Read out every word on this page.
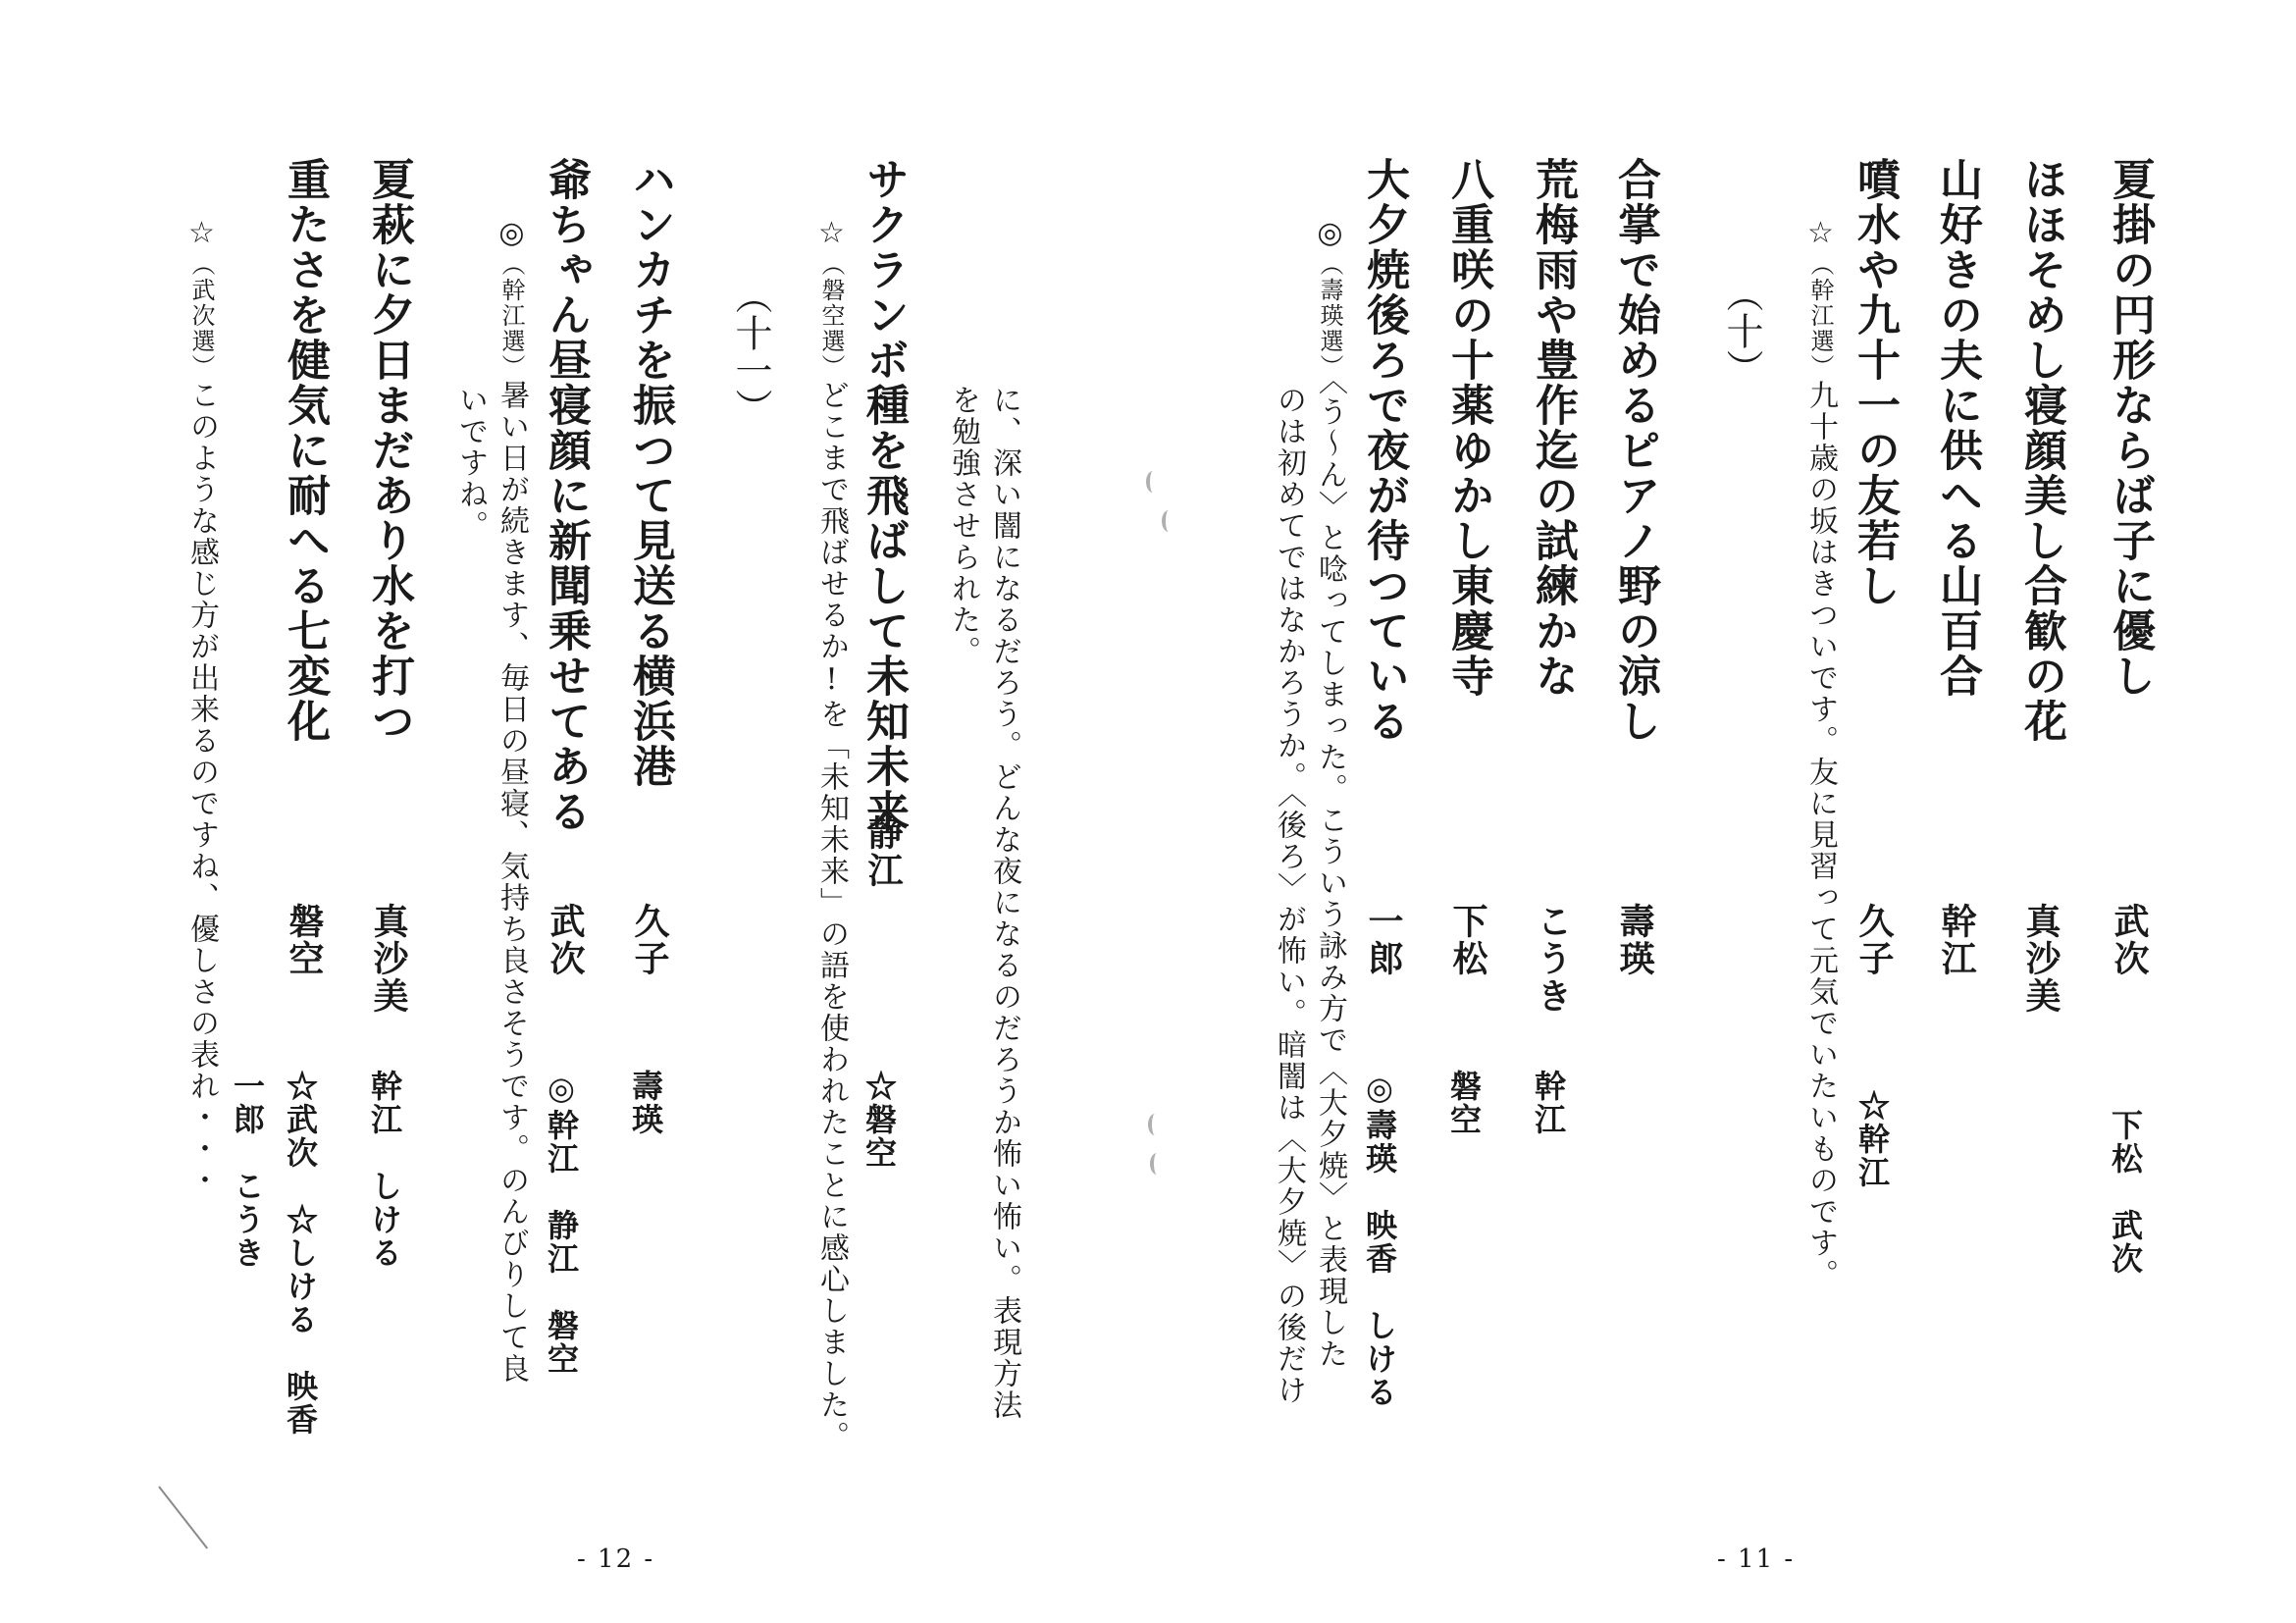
夏掛の円形ならば子に優し
武次
下松　武次
ほほそめし寝顔美し合歓の花
真沙美
山好きの夫に供へる山百合
幹江
噴水や九十一の友若し
久子
☆幹江
☆（幹江選）九十歳の坂はきついです。友に見習って元気でいたいものです。
（十）
合掌で始めるピアノ野の涼し
壽瑛
荒梅雨や豊作迄の試練かな
こうき
幹江
八重咲の十薬ゆかし東慶寺
下松
磐空
大夕焼後ろで夜が待つている
一郎
◎壽瑛　映香　しける
◎（壽瑛選）〈う～ん〉と唸ってしまった。こういう詠み方で〈大夕焼〉と表現した
のは初めてではなかろうか。〈後ろ〉が怖い。暗闇は〈大夕焼〉の後だけ
に、深い闇になるだろう。どんな夜になるのだろうか怖い怖い。表現方法
を勉強させられた。
- 11 -
サクランボ種を飛ばして未知未来
静江
☆磐空
☆（磐空選）どこまで飛ばせるか!を「未知未来」の語を使われたことに感心しました。
（十一）
ハンカチを振つて見送る横浜港
久子
壽瑛
爺ちゃん昼寝顔に新聞乗せてある
武次
◎幹江　静江　磐空
◎（幹江選）暑い日が続きます、毎日の昼寝、気持ち良さそうです。のんびりして良
いですね。
夏萩に夕日まだあり水を打つ
真沙美
幹江　しける
重たさを健気に耐へる七変化
磐空
☆武次　☆しける　映香
一郎　こうき
☆（武次選）このような感じ方が出来るのですね、優しさの表れ・・・
- 12 -
